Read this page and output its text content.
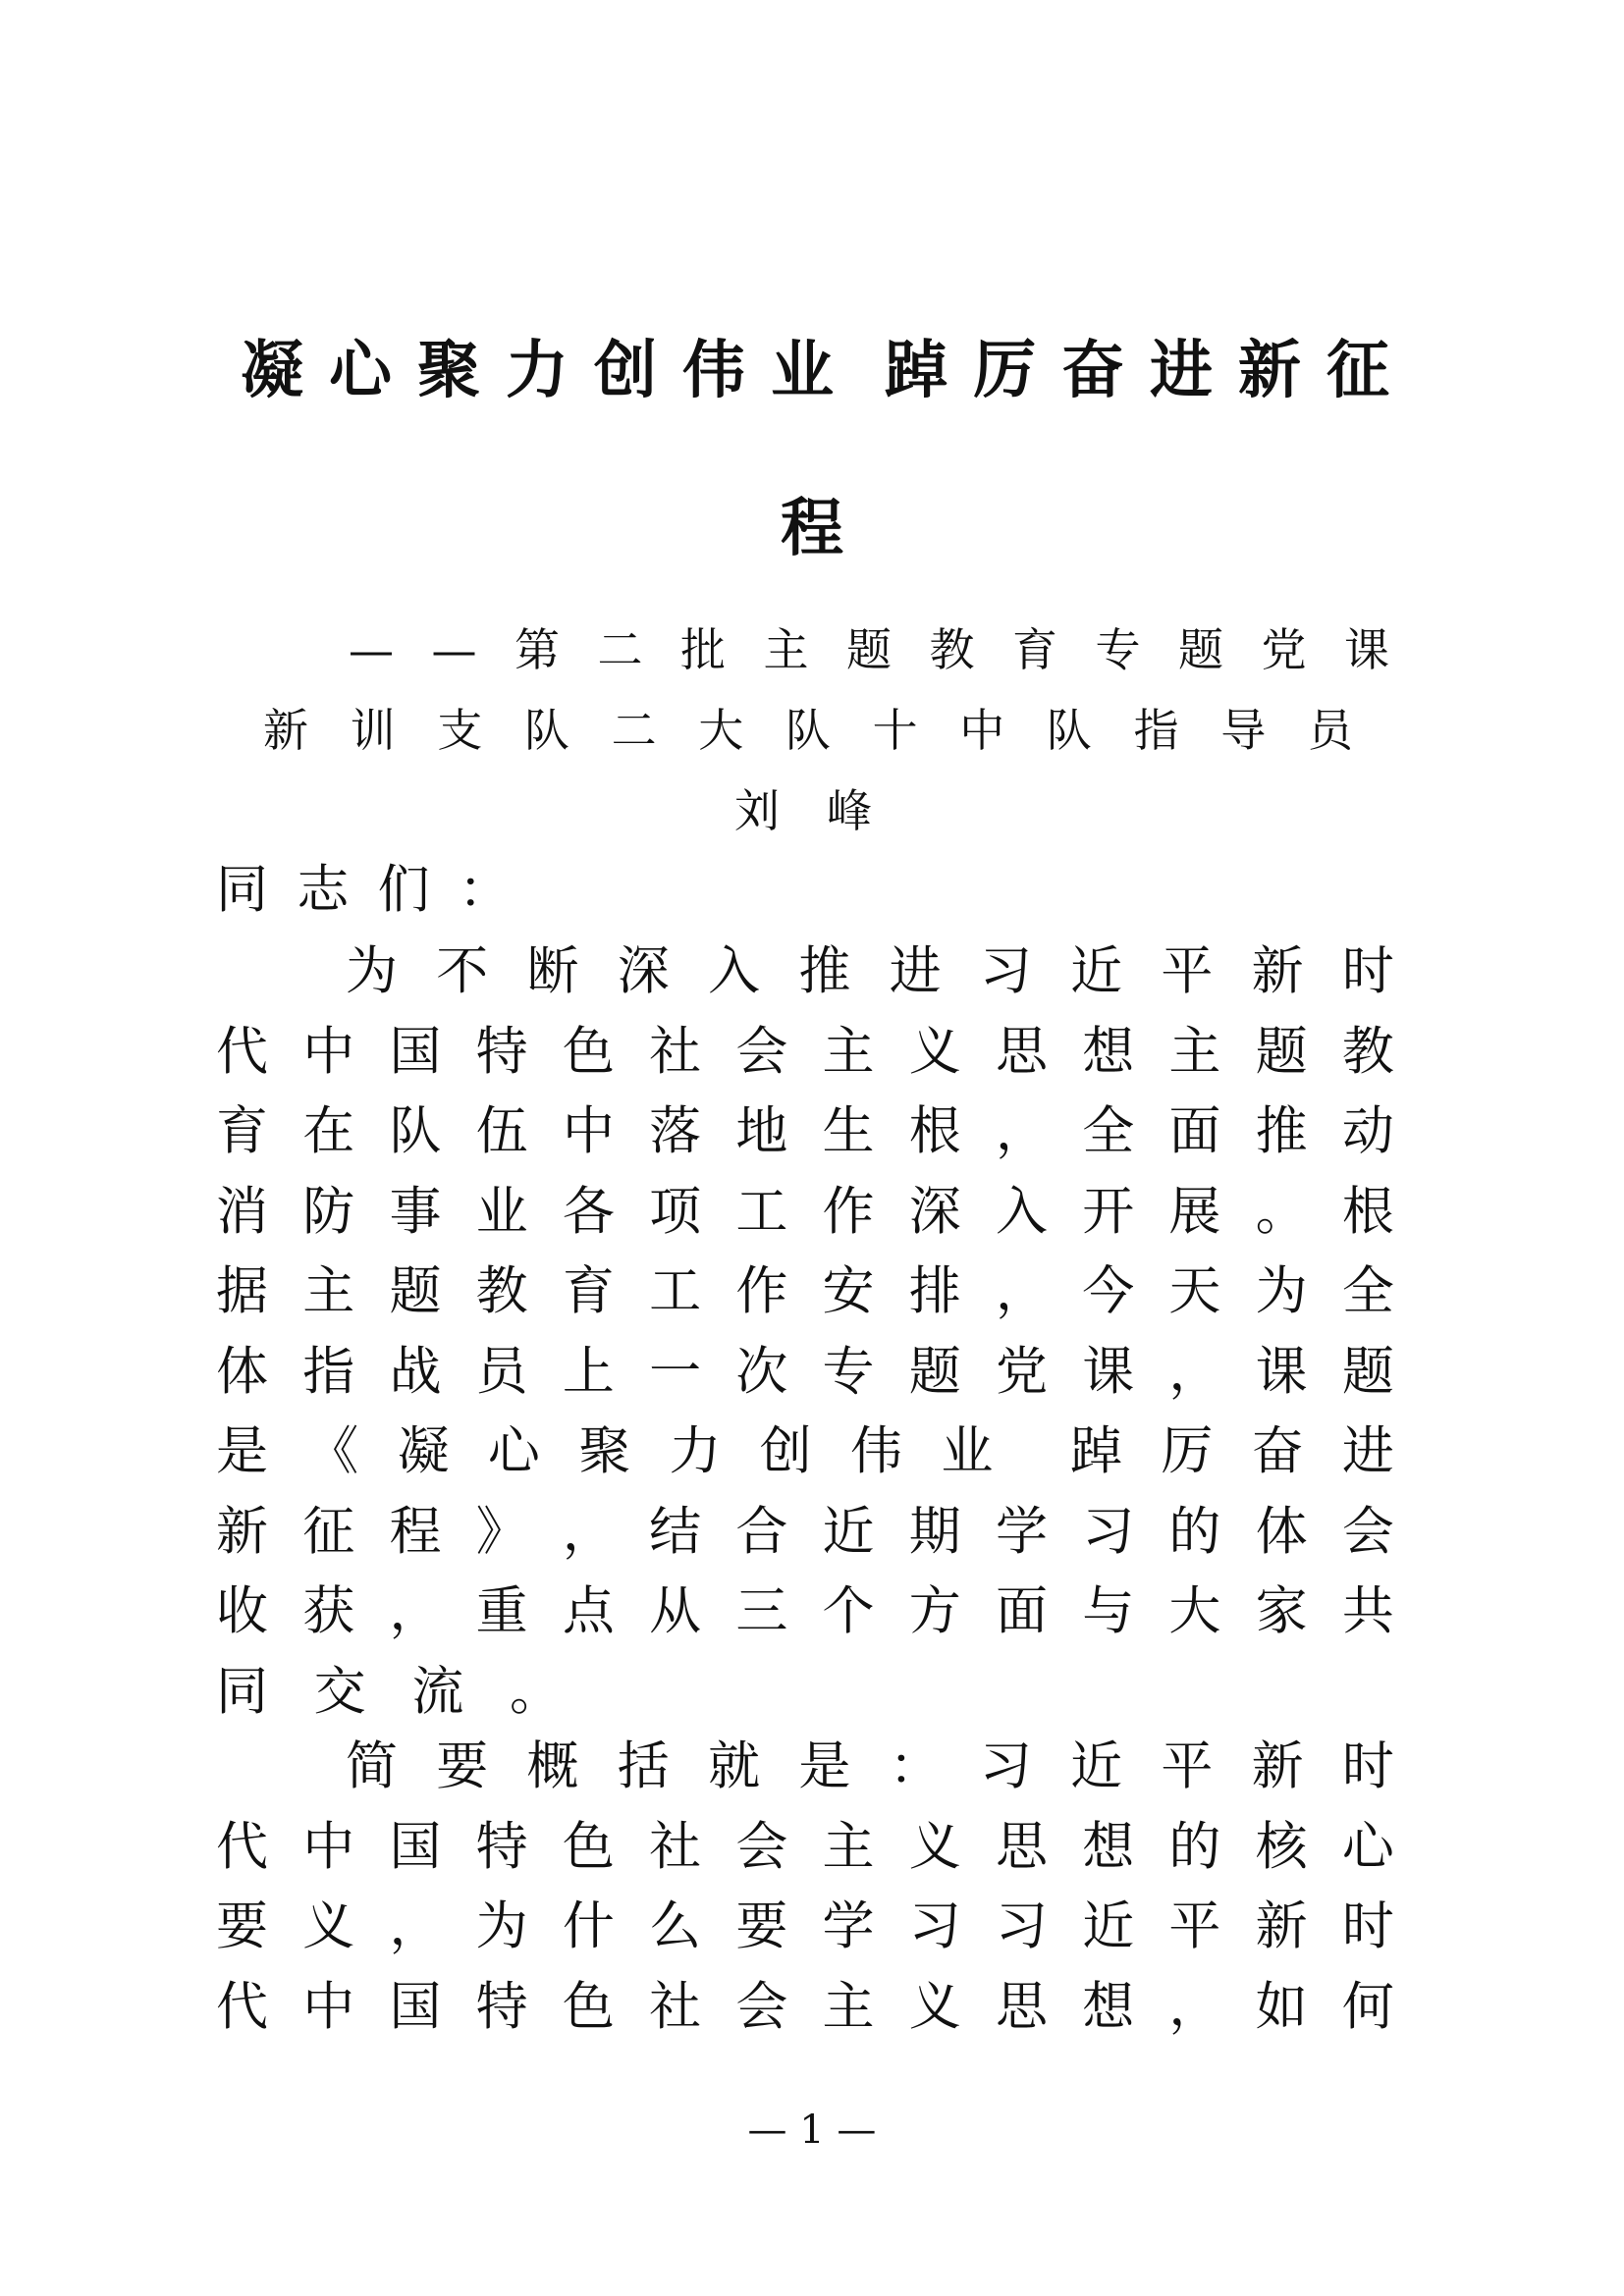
凝 心 聚 力 创 伟 业 踔 厉 奋 进 新 征
程
— — 第 二 批 主 题 教 育 专 题 党 课
新 训 支 队 二 大 队 十 中 队 指 导 员
刘 峰
同 志 们 ：
为 不 断 深 入 推 进 习 近 平 新 时
代 中 国 特 色 社 会 主 义 思 想 主 题 教
育 在 队 伍 中 落 地 生 根 ， 全 面 推 动
消 防 事 业 各 项 工 作 深 入 开 展 。 根
据 主 题 教 育 工 作 安 排 ， 今 天 为 全
体 指 战 员 上 一 次 专 题 党 课 ， 课 题
是 《 凝 心 聚 力 创 伟 业 踔 厉 奋 进
新 征 程 》 ， 结 合 近 期 学 习 的 体 会
收 获 ， 重 点 从 三 个 方 面 与 大 家 共
同 交 流 。
简 要 概 括 就 是 ： 习 近 平 新 时
代 中 国 特 色 社 会 主 义 思 想 的 核 心
要 义 ， 为 什 么 要 学 习 习 近 平 新 时
代 中 国 特 色 社 会 主 义 思 想 ， 如 何
— 1 —
